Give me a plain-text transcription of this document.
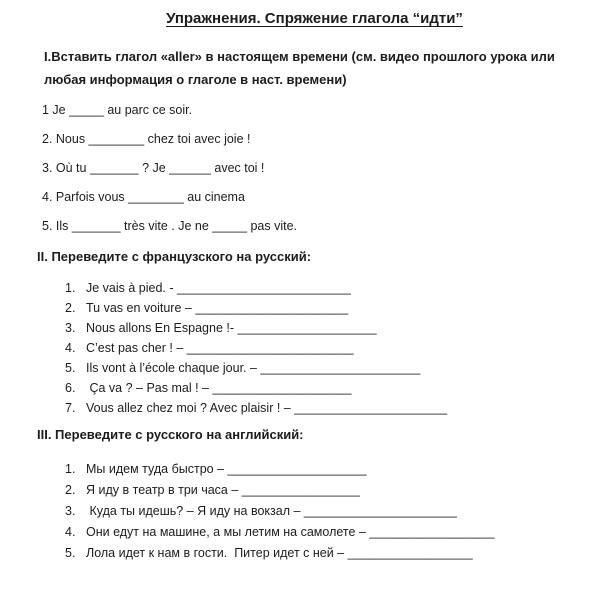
Упражнения. Спряжение глагола “идти”
I.Вставить глагол «aller» в настоящем времени (см. видео прошлого урока или любая информация о глаголе в наст. времени)

1 Je _____ au parc ce soir.

2. Nous ________ chez toi avec joie !

3. Où tu _______ ? Je ______ avec toi !

4. Parfois vous ________ au cinema

5. Ils _______ très vite . Je ne _____ pas vite.

II. Переведите с французского на русский:
1. Je vais à pied. - _________________________
2. Tu vas en voiture – ______________________
3. Nous allons En Espagne !- ____________________
4. C’est pas cher ! – ________________________
5. Ils vont à l’école chaque jour. – _______________________
6. Ça va ? – Pas mal ! – ____________________
7. Vous allez chez moi ? Avec plaisir ! – ______________________
III. Переведите с русского на английский:
1. Мы идем туда быстро – ____________________
2. Я иду в театр в три часа – _________________
3. Куда ты идешь? – Я иду на вокзал – ______________________
4. Они едут на машине, а мы летим на самолете – __________________
5. Лола идет к нам в гости.  Питер идет с ней – __________________
